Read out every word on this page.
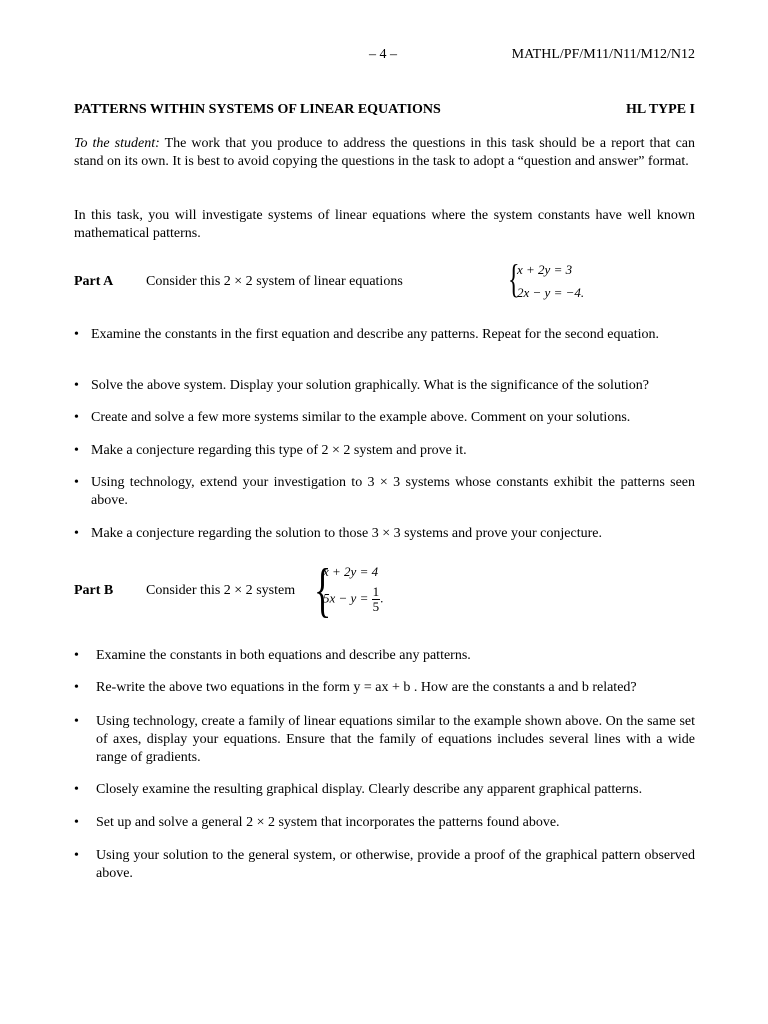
– 4 –	MATHL/PF/M11/N11/M12/N12
PATTERNS WITHIN SYSTEMS OF LINEAR EQUATIONS	HL TYPE I
To the student: The work that you produce to address the questions in this task should be a report that can stand on its own. It is best to avoid copying the questions in the task to adopt a “question and answer” format.
In this task, you will investigate systems of linear equations where the system constants have well known mathematical patterns.
Part A Consider this 2 × 2 system of linear equations	{
x + 2y = 3
2x − y = −4.
• Examine the constants in the first equation and describe any patterns. Repeat for the second equation.
• Solve the above system. Display your solution graphically. What is the significance of the solution?
• Create and solve a few more systems similar to the example above. Comment on your solutions.
• Make a conjecture regarding this type of 2 × 2 system and prove it.
• Using technology, extend your investigation to 3 × 3 systems whose constants exhibit the patterns seen above.
• Make a conjecture regarding the solution to those 3 × 3 systems and prove your conjecture.
Part B Consider this 2 × 2 system {
x + 2y = 4
$5x - y = \frac{1}{5}$ .
• Examine the constants in both equations and describe any patterns.
• Re-write the above two equations in the form y = ax + b . How are the constants a and b related?
• Using technology, create a family of linear equations similar to the example shown above. On the same set of axes, display your equations. Ensure that the family of equations includes several lines with a wide range of gradients.
• Closely examine the resulting graphical display. Clearly describe any apparent graphical patterns.
• Set up and solve a general 2 × 2 system that incorporates the patterns found above.
• Using your solution to the general system, or otherwise, provide a proof of the graphical pattern observed above.
